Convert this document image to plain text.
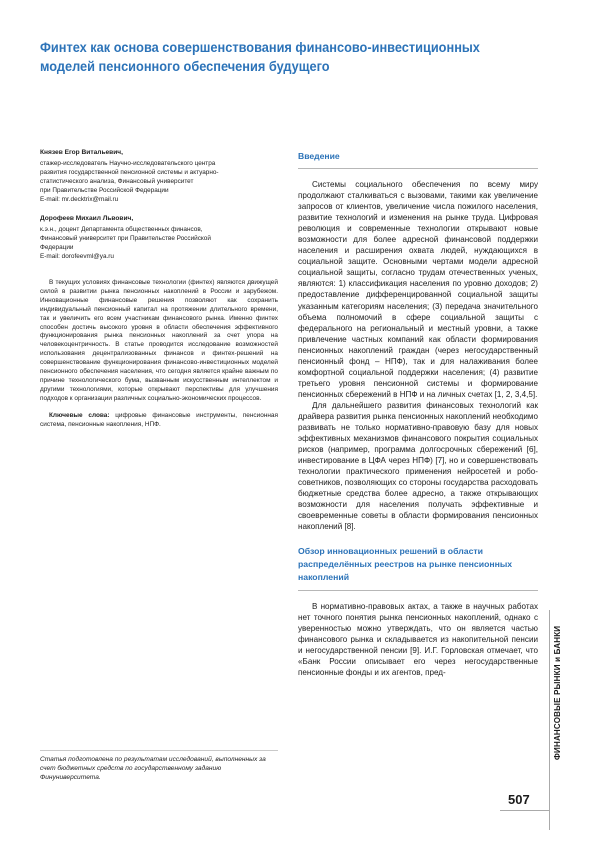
Финтех как основа совершенствования финансово-инвестиционных моделей пенсионного обеспечения будущего
Князев Егор Витальевич,

стажер-исследователь Научно-исследовательского центра

развития государственной пенсионной системы и актуарно-

статистического анализа, Финансовый университет

при Правительстве Российской Федерации

E-mail: mr.decktrix@mail.ru

Дорофеев Михаил Львович,

к.э.н., доцент Департамента общественных финансов,

Финансовый университет при Правительстве Российской

Федерации

E-mail: dorofeevml@ya.ru

В текущих условиях финансовые технологии (финтех) являются движущей силой в развитии рынка пенсионных накоплений в России и зарубежом. Инновационные финансовые решения позволяют как сохранить индивидуальный пенсионный капитал на протяжении длительного времени, так и увеличить его всем участникам финансового рынка. Именно финтех способен достичь высокого уровня в области обеспечения эффективного функционирования рынка пенсионных накоплений за счет упора на человекоцентричность. В статье проводится исследование возможностей использования децентрализованных финансов и финтех-решений на совершенствование функционирования финансово-инвестиционных моделей пенсионного обеспечения населения, что сегодня является крайне важным по причине технологического бума, вызванным искусственным интеллектом и другими технологиями, которые открывают перспективы для улучшения подходов к организации различных социально-экономических процессов.

Ключевые слова: цифровые финансовые инструменты, пенсионная система, пенсионные накопления, НПФ.

Статья подготовлена по результатам исследований, выполненных за счет бюджетных средств по государственному заданию Финуниверситета.
Введение

Системы социального обеспечения по всему миру продолжают сталкиваться с вызовами, такими как увеличение запросов от клиентов, увеличение числа пожилого населения, развитие технологий и изменения на рынке труда. Цифровая революция и современные технологии открывают новые возможности для более адресной финансовой поддержки населения и расширения охвата людей, нуждающихся в социальной защите. Основными чертами модели адресной социальной защиты, согласно трудам отечественных ученых, являются: 1) классификация населения по уровню доходов; 2) предоставление дифференцированной социальной защиты указанным категориям населения; (3) передача значительного объема полномочий в сфере социальной защиты с федерального на региональный и местный уровни, а также привлечение частных компаний как области формирования пенсионных накоплений граждан (через негосударственный пенсионный фонд – НПФ), так и для налаживания более комфортной социальной поддержки населения; (4) развитие третьего уровня пенсионной системы и формирование пенсионных сбережений в НПФ и на личных счетах [1, 2, 3,4,5].

Для дальнейшего развития финансовых технологий как драйвера развития рынка пенсионных накоплений необходимо развивать не только нормативно-правовую базу для новых эффективных механизмов финансового покрытия социальных рисков (например, программа долгосрочных сбережений [6], инвестирование в ЦФА через НПФ) [7], но и совершенствовать технологии практического применения нейросетей и робо-советников, позволяющих со стороны государства расходовать бюджетные средства более адресно, а также открывающих возможности для населения получать эффективные и своевременные советы в области формирования пенсионных накоплений [8].

Обзор инновационных решений в области распределённых реестров на рынке пенсионных накоплений

В нормативно-правовых актах, а также в научных работах нет точного понятия рынка пенсионных накоплений, однако с уверенностью можно утверждать, что он является частью финансового рынка и складывается из накопительной пенсии и негосударственной пенсии [9]. И.Г. Горловская отмечает, что «Банк России описывает его через негосударственные пенсионные фонды и их агентов, пред-	ФИНАНСОВЫЕ РЫНКИ и БАНКИ
507
